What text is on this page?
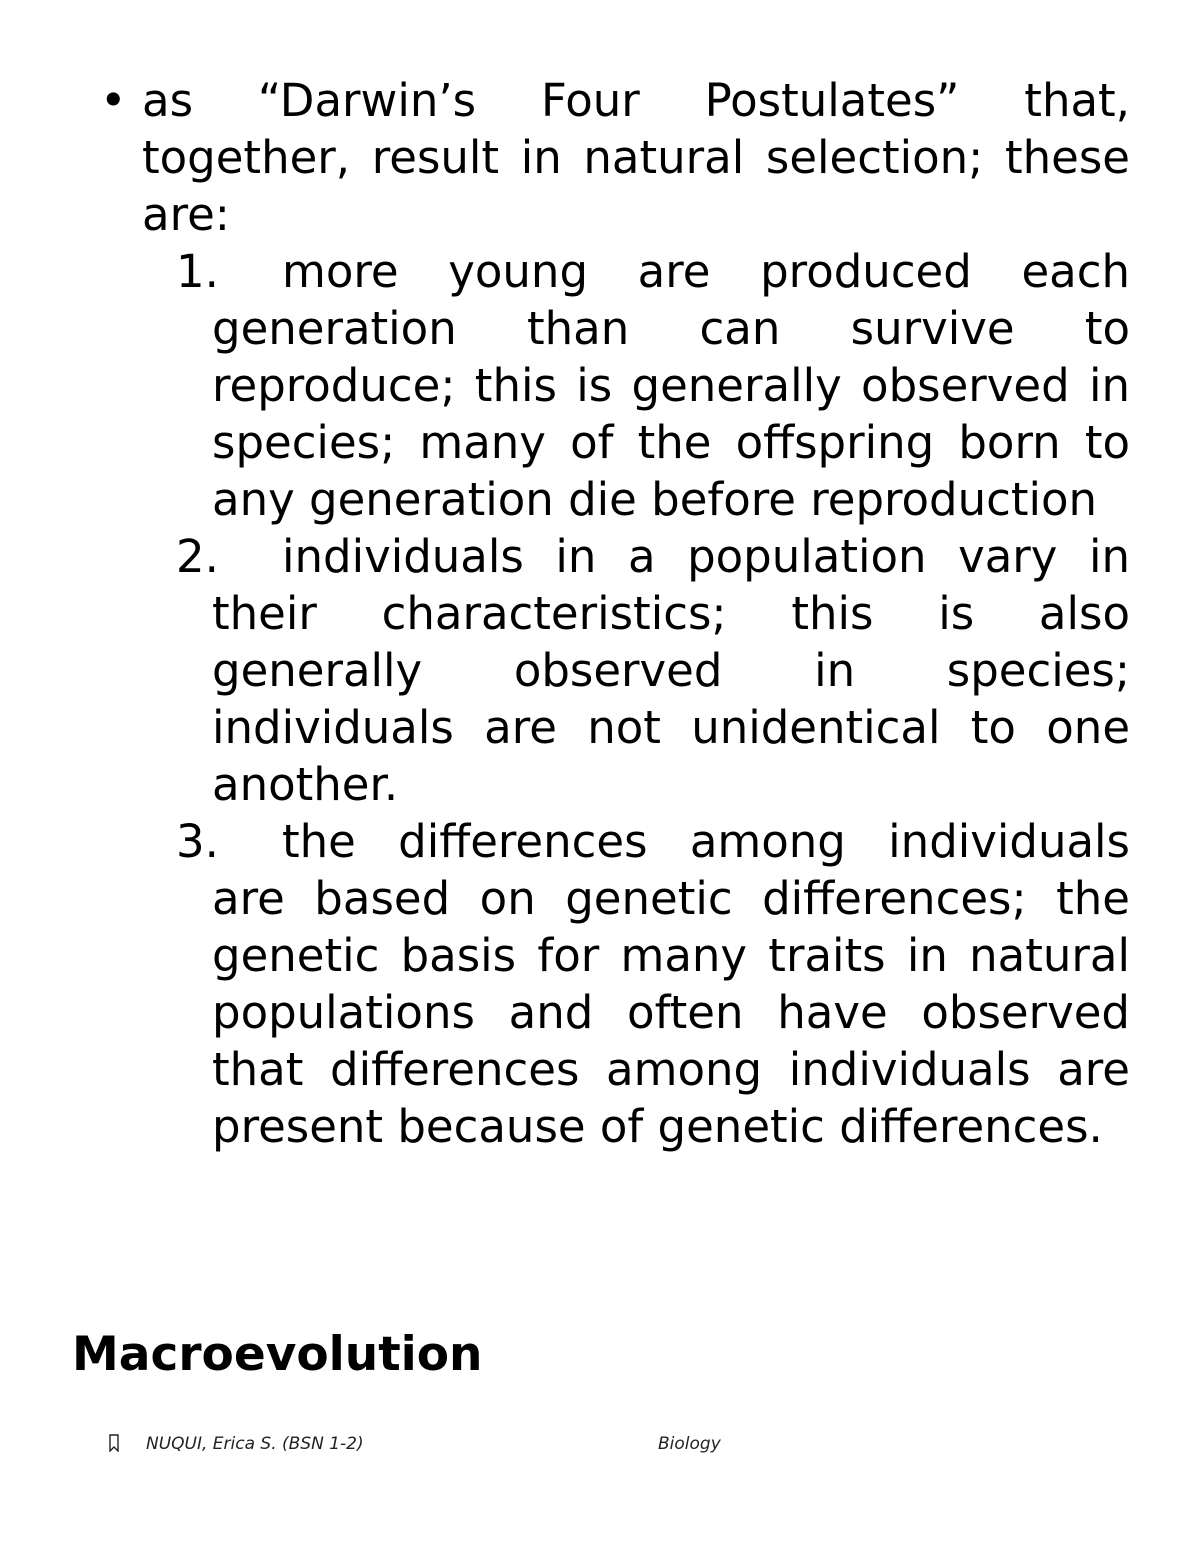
• as “Darwin’s Four Postulates” that, together, result in natural selection; these are:
1. more young are produced each generation than can survive to reproduce; this is generally observed in species; many of the offspring born to any generation die before reproduction
2. individuals in a population vary in their characteristics; this is also generally observed in species; individuals are not unidentical to one another.
3. the differences among individuals are based on genetic differences; the genetic basis for many traits in natural populations and often have observed that differences among individuals are present because of genetic differences.
Macroevolution
NUQUI, Erica S. (BSN 1-2)	Biology
